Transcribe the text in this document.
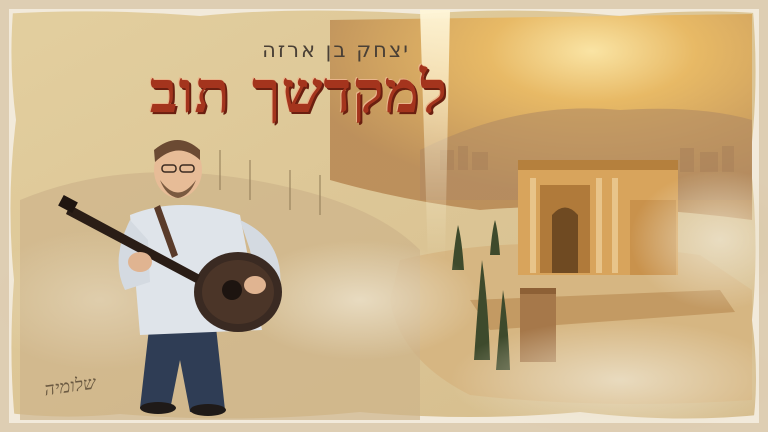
יצחק בן ארזה
למקדשך תוב
שלומיה
